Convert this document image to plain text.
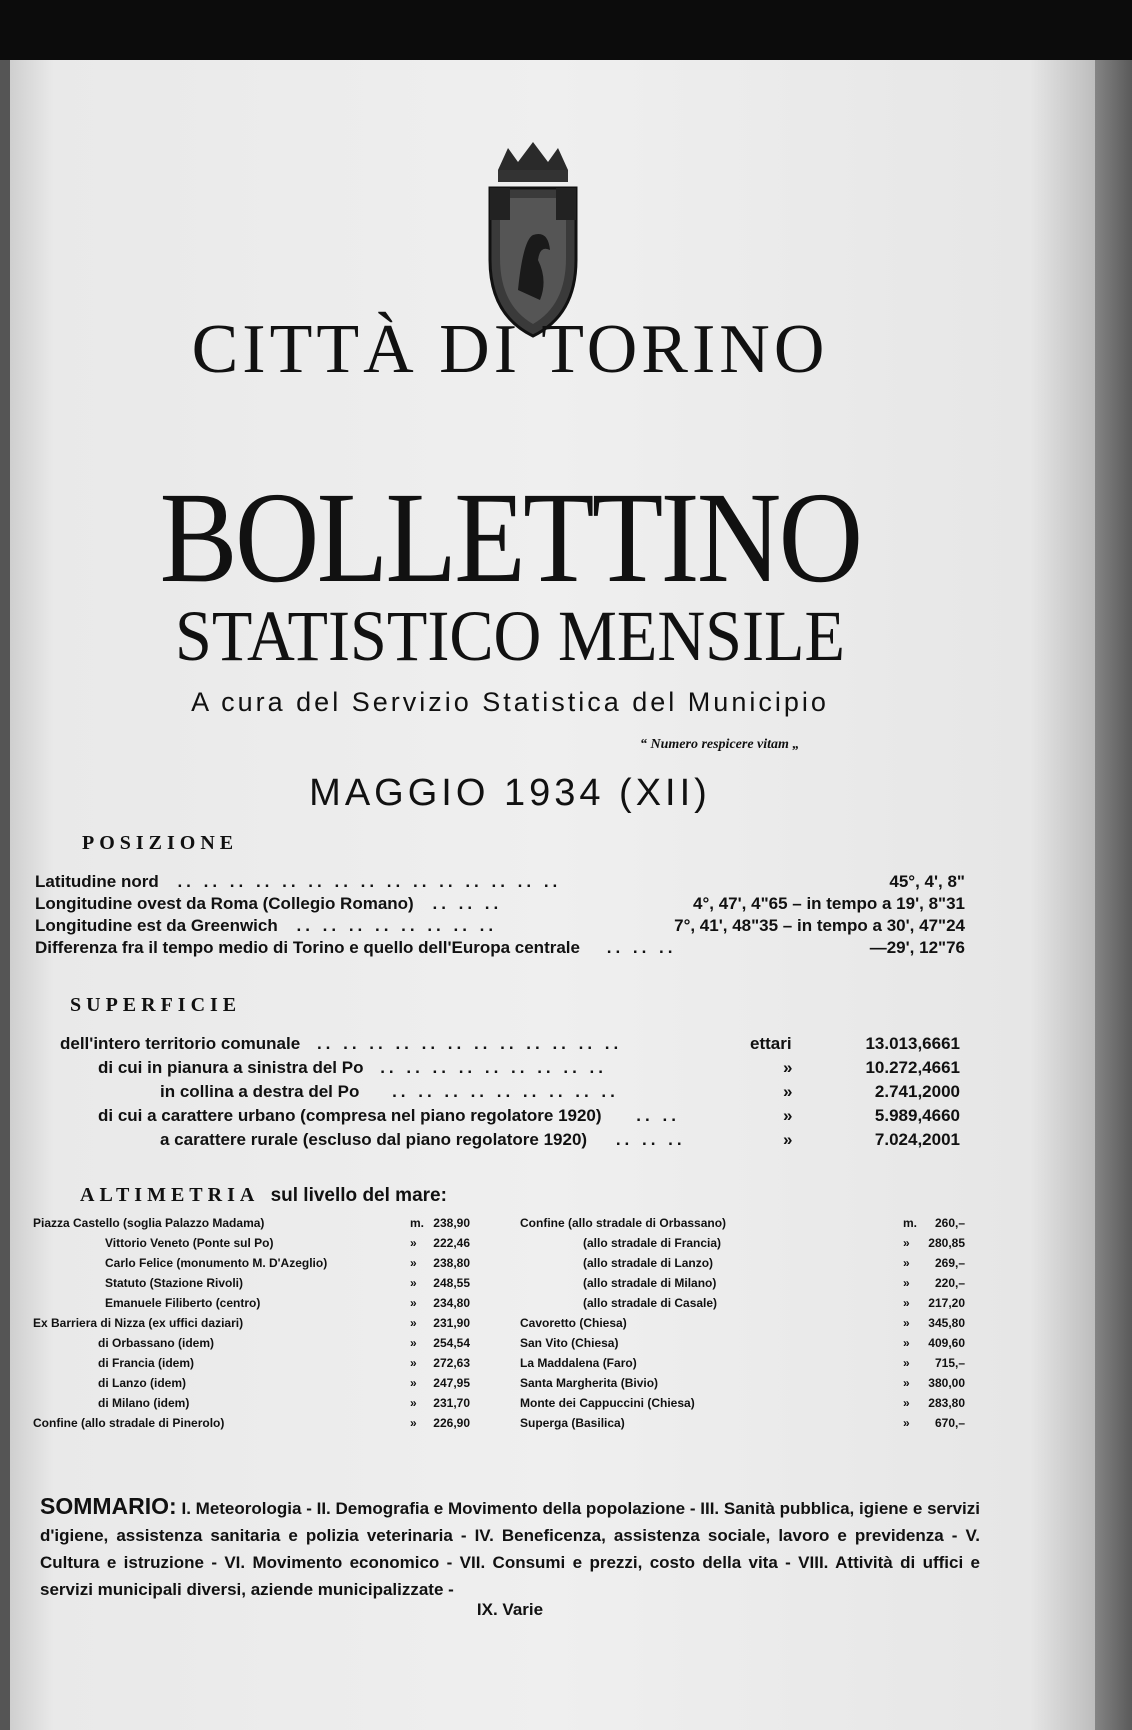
CITTÀ DI TORINO
BOLLETTINO
STATISTICO MENSILE
A cura del Servizio Statistica del Municipio
“ Numero respicere vitam „
MAGGIO 1934 (XII)
POSIZIONE
Latitudine nord .. .. .. .. .. .. .. .. .. .. .. .. .. .. ..	45°, 4', 8"
Longitudine ovest da Roma (Collegio Romano) .. .. ..	4°, 47', 4"65 – in tempo a 19', 8"31
Longitudine est da Greenwich .. .. .. .. .. .. .. ..	7°, 41', 48"35 – in tempo a 30', 47"24
Differenza fra il tempo medio di Torino e quello dell'Europa centrale .. .. ..	—29', 12"76
SUPERFICIE
dell'intero territorio comunale .. .. .. .. .. .. .. .. .. .. .. ..	ettari	13.013,6661
di cui in pianura a sinistra del Po .. .. .. .. .. .. .. .. ..	»	10.272,4661
in collina a destra del Po .. .. .. .. .. .. .. .. ..	»	2.741,2000
di cui a carattere urbano (compresa nel piano regolatore 1920) .. ..	»	5.989,4660
a carattere rurale (escluso dal piano regolatore 1920) .. .. ..	»	7.024,2001
ALTIMETRIA sul livello del mare:
Piazza Castello (soglia Palazzo Madama)	m. 238,90
Vittorio Veneto (Ponte sul Po)	»	222,46
Carlo Felice (monumento M. D'Azeglio)	»	238,80
Statuto (Stazione Rivoli)	»	248,55
Emanuele Filiberto (centro)	»	234,80
Ex Barriera di Nizza (ex uffici daziari)	»	231,90
di Orbassano (idem)	»	254,54
di Francia (idem)	»	272,63
di Lanzo (idem)	»	247,95
di Milano (idem)	»	231,70
Confine (allo stradale di Pinerolo)	»	226,90
Confine (allo stradale di Orbassano)	m.	260,–
(allo stradale di Francia)	»	280,85
(allo stradale di Lanzo)	»	269,–
(allo stradale di Milano)	»	220,–
(allo stradale di Casale)	»	217,20
Cavoretto (Chiesa)	»	345,80
San Vito (Chiesa)	»	409,60
La Maddalena (Faro)	»	715,–
Santa Margherita (Bivio)	»	380,00
Monte dei Cappuccini (Chiesa)	»	283,80
Superga (Basilica)	»	670,–
SOMMARIO: I. Meteorologia - II. Demografia e Movimento della popolazione - III. Sanità pubblica, igiene e servizi d'igiene, assistenza sanitaria e polizia veterinaria - IV. Beneficenza, assistenza sociale, lavoro e previdenza - V. Cultura e istruzione - VI. Movimento economico - VII. Consumi e prezzi, costo della vita - VIII. Attività di uffici e servizi municipali diversi, aziende municipalizzate -
IX. Varie
